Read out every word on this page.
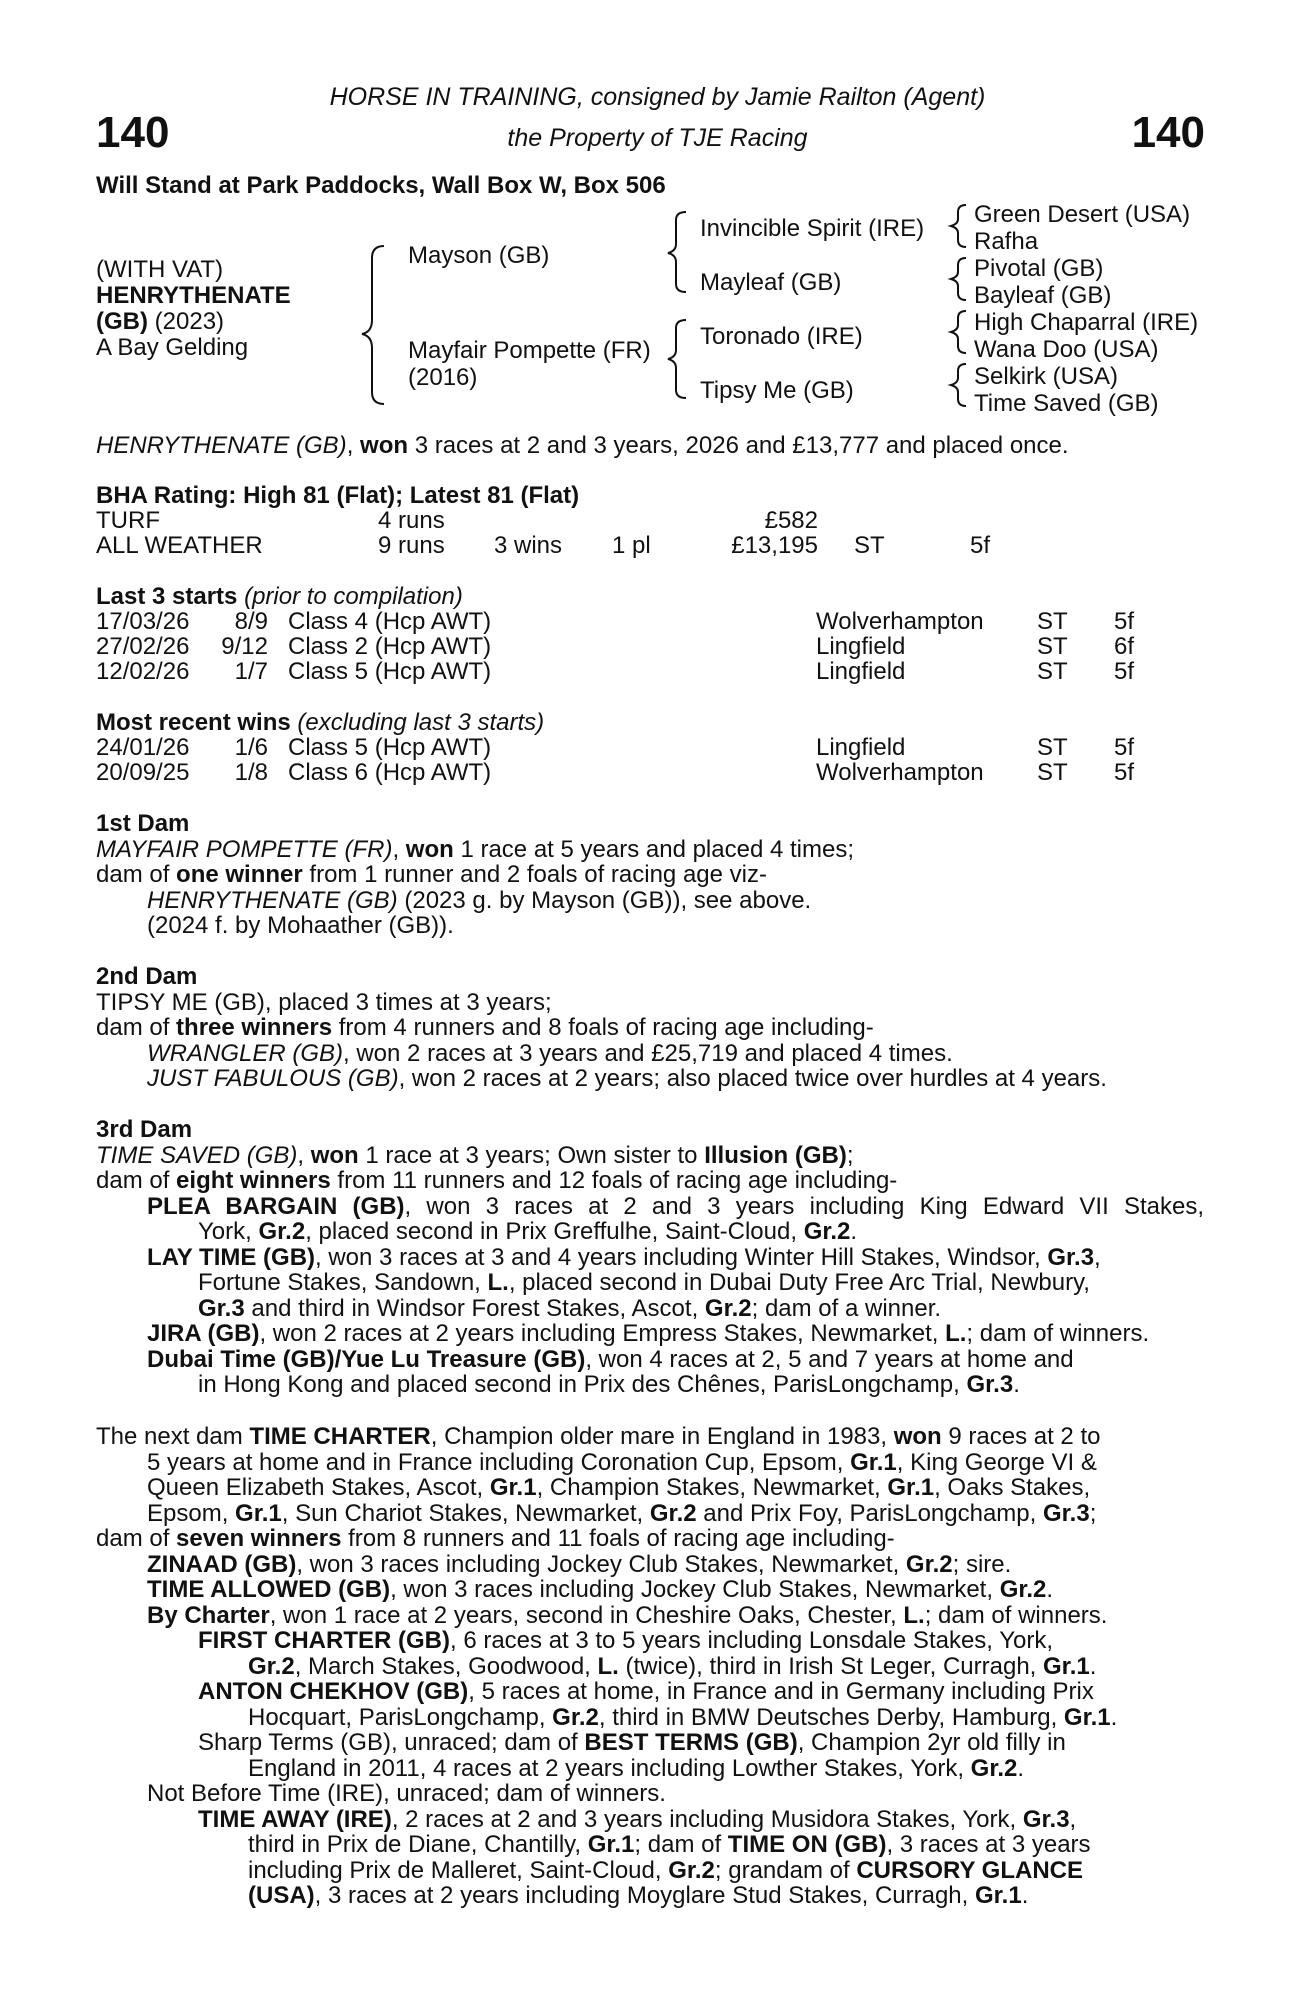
140	140
HORSE IN TRAINING, consigned by Jamie Railton (Agent)
the Property of TJE Racing
Will Stand at Park Paddocks, Wall Box W, Box 506
(WITH VAT)
HENRYTHENATE
(GB) (2023)
A Bay Gelding
Mayson (GB)
Mayfair Pompette (FR)
(2016)
Invincible Spirit (IRE)
Mayleaf (GB)
Toronado (IRE)
Tipsy Me (GB)
Green Desert (USA)
Rafha
Pivotal (GB)
Bayleaf (GB)
High Chaparral (IRE)
Wana Doo (USA)
Selkirk (USA)
Time Saved (GB)
HENRYTHENATE (GB), won 3 races at 2 and 3 years, 2026 and £13,777 and placed once.
BHA Rating: High 81 (Flat); Latest 81 (Flat)
TURF	4 runs	£582
ALL WEATHER	9 runs 3 wins 1 pl	£13,195 ST	5f
Last 3 starts (prior to compilation)
17/03/26	8/9 Class 4 (Hcp AWT)	Wolverhampton ST 5f
27/02/26 9/12 Class 2 (Hcp AWT)	Lingfield	ST 6f
12/02/26	1/7 Class 5 (Hcp AWT)	Lingfield	ST 5f
Most recent wins (excluding last 3 starts)
24/01/26	1/6 Class 5 (Hcp AWT)	Lingfield	ST 5f
20/09/25	1/8 Class 6 (Hcp AWT)	Wolverhampton ST 5f
1st Dam
MAYFAIR POMPETTE (FR), won 1 race at 5 years and placed 4 times;
dam of one winner from 1 runner and 2 foals of racing age viz-
HENRYTHENATE (GB) (2023 g. by Mayson (GB)), see above.
(2024 f. by Mohaather (GB)).
2nd Dam
TIPSY ME (GB), placed 3 times at 3 years;
dam of three winners from 4 runners and 8 foals of racing age including-
WRANGLER (GB), won 2 races at 3 years and £25,719 and placed 4 times.
JUST FABULOUS (GB), won 2 races at 2 years; also placed twice over hurdles at 4 years.
3rd Dam
TIME SAVED (GB), won 1 race at 3 years; Own sister to Illusion (GB);
dam of eight winners from 11 runners and 12 foals of racing age including-
PLEA BARGAIN (GB), won 3 races at 2 and 3 years including King Edward VII Stakes,
York, Gr.2, placed second in Prix Greffulhe, Saint-Cloud, Gr.2.
LAY TIME (GB), won 3 races at 3 and 4 years including Winter Hill Stakes, Windsor, Gr.3,
Fortune Stakes, Sandown, L., placed second in Dubai Duty Free Arc Trial, Newbury,
Gr.3 and third in Windsor Forest Stakes, Ascot, Gr.2; dam of a winner.
JIRA (GB), won 2 races at 2 years including Empress Stakes, Newmarket, L.; dam of winners.
Dubai Time (GB)/Yue Lu Treasure (GB), won 4 races at 2, 5 and 7 years at home and
in Hong Kong and placed second in Prix des Chênes, ParisLongchamp, Gr.3.
The next dam TIME CHARTER, Champion older mare in England in 1983, won 9 races at 2 to
5 years at home and in France including Coronation Cup, Epsom, Gr.1, King George VI &
Queen Elizabeth Stakes, Ascot, Gr.1, Champion Stakes, Newmarket, Gr.1, Oaks Stakes,
Epsom, Gr.1, Sun Chariot Stakes, Newmarket, Gr.2 and Prix Foy, ParisLongchamp, Gr.3;
dam of seven winners from 8 runners and 11 foals of racing age including-
ZINAAD (GB), won 3 races including Jockey Club Stakes, Newmarket, Gr.2; sire.
TIME ALLOWED (GB), won 3 races including Jockey Club Stakes, Newmarket, Gr.2.
By Charter, won 1 race at 2 years, second in Cheshire Oaks, Chester, L.; dam of winners.
FIRST CHARTER (GB), 6 races at 3 to 5 years including Lonsdale Stakes, York,
Gr.2, March Stakes, Goodwood, L. (twice), third in Irish St Leger, Curragh, Gr.1.
ANTON CHEKHOV (GB), 5 races at home, in France and in Germany including Prix
Hocquart, ParisLongchamp, Gr.2, third in BMW Deutsches Derby, Hamburg, Gr.1.
Sharp Terms (GB), unraced; dam of BEST TERMS (GB), Champion 2yr old filly in
England in 2011, 4 races at 2 years including Lowther Stakes, York, Gr.2.
Not Before Time (IRE), unraced; dam of winners.
TIME AWAY (IRE), 2 races at 2 and 3 years including Musidora Stakes, York, Gr.3,
third in Prix de Diane, Chantilly, Gr.1; dam of TIME ON (GB), 3 races at 3 years
including Prix de Malleret, Saint-Cloud, Gr.2; grandam of CURSORY GLANCE
(USA), 3 races at 2 years including Moyglare Stud Stakes, Curragh, Gr.1.
